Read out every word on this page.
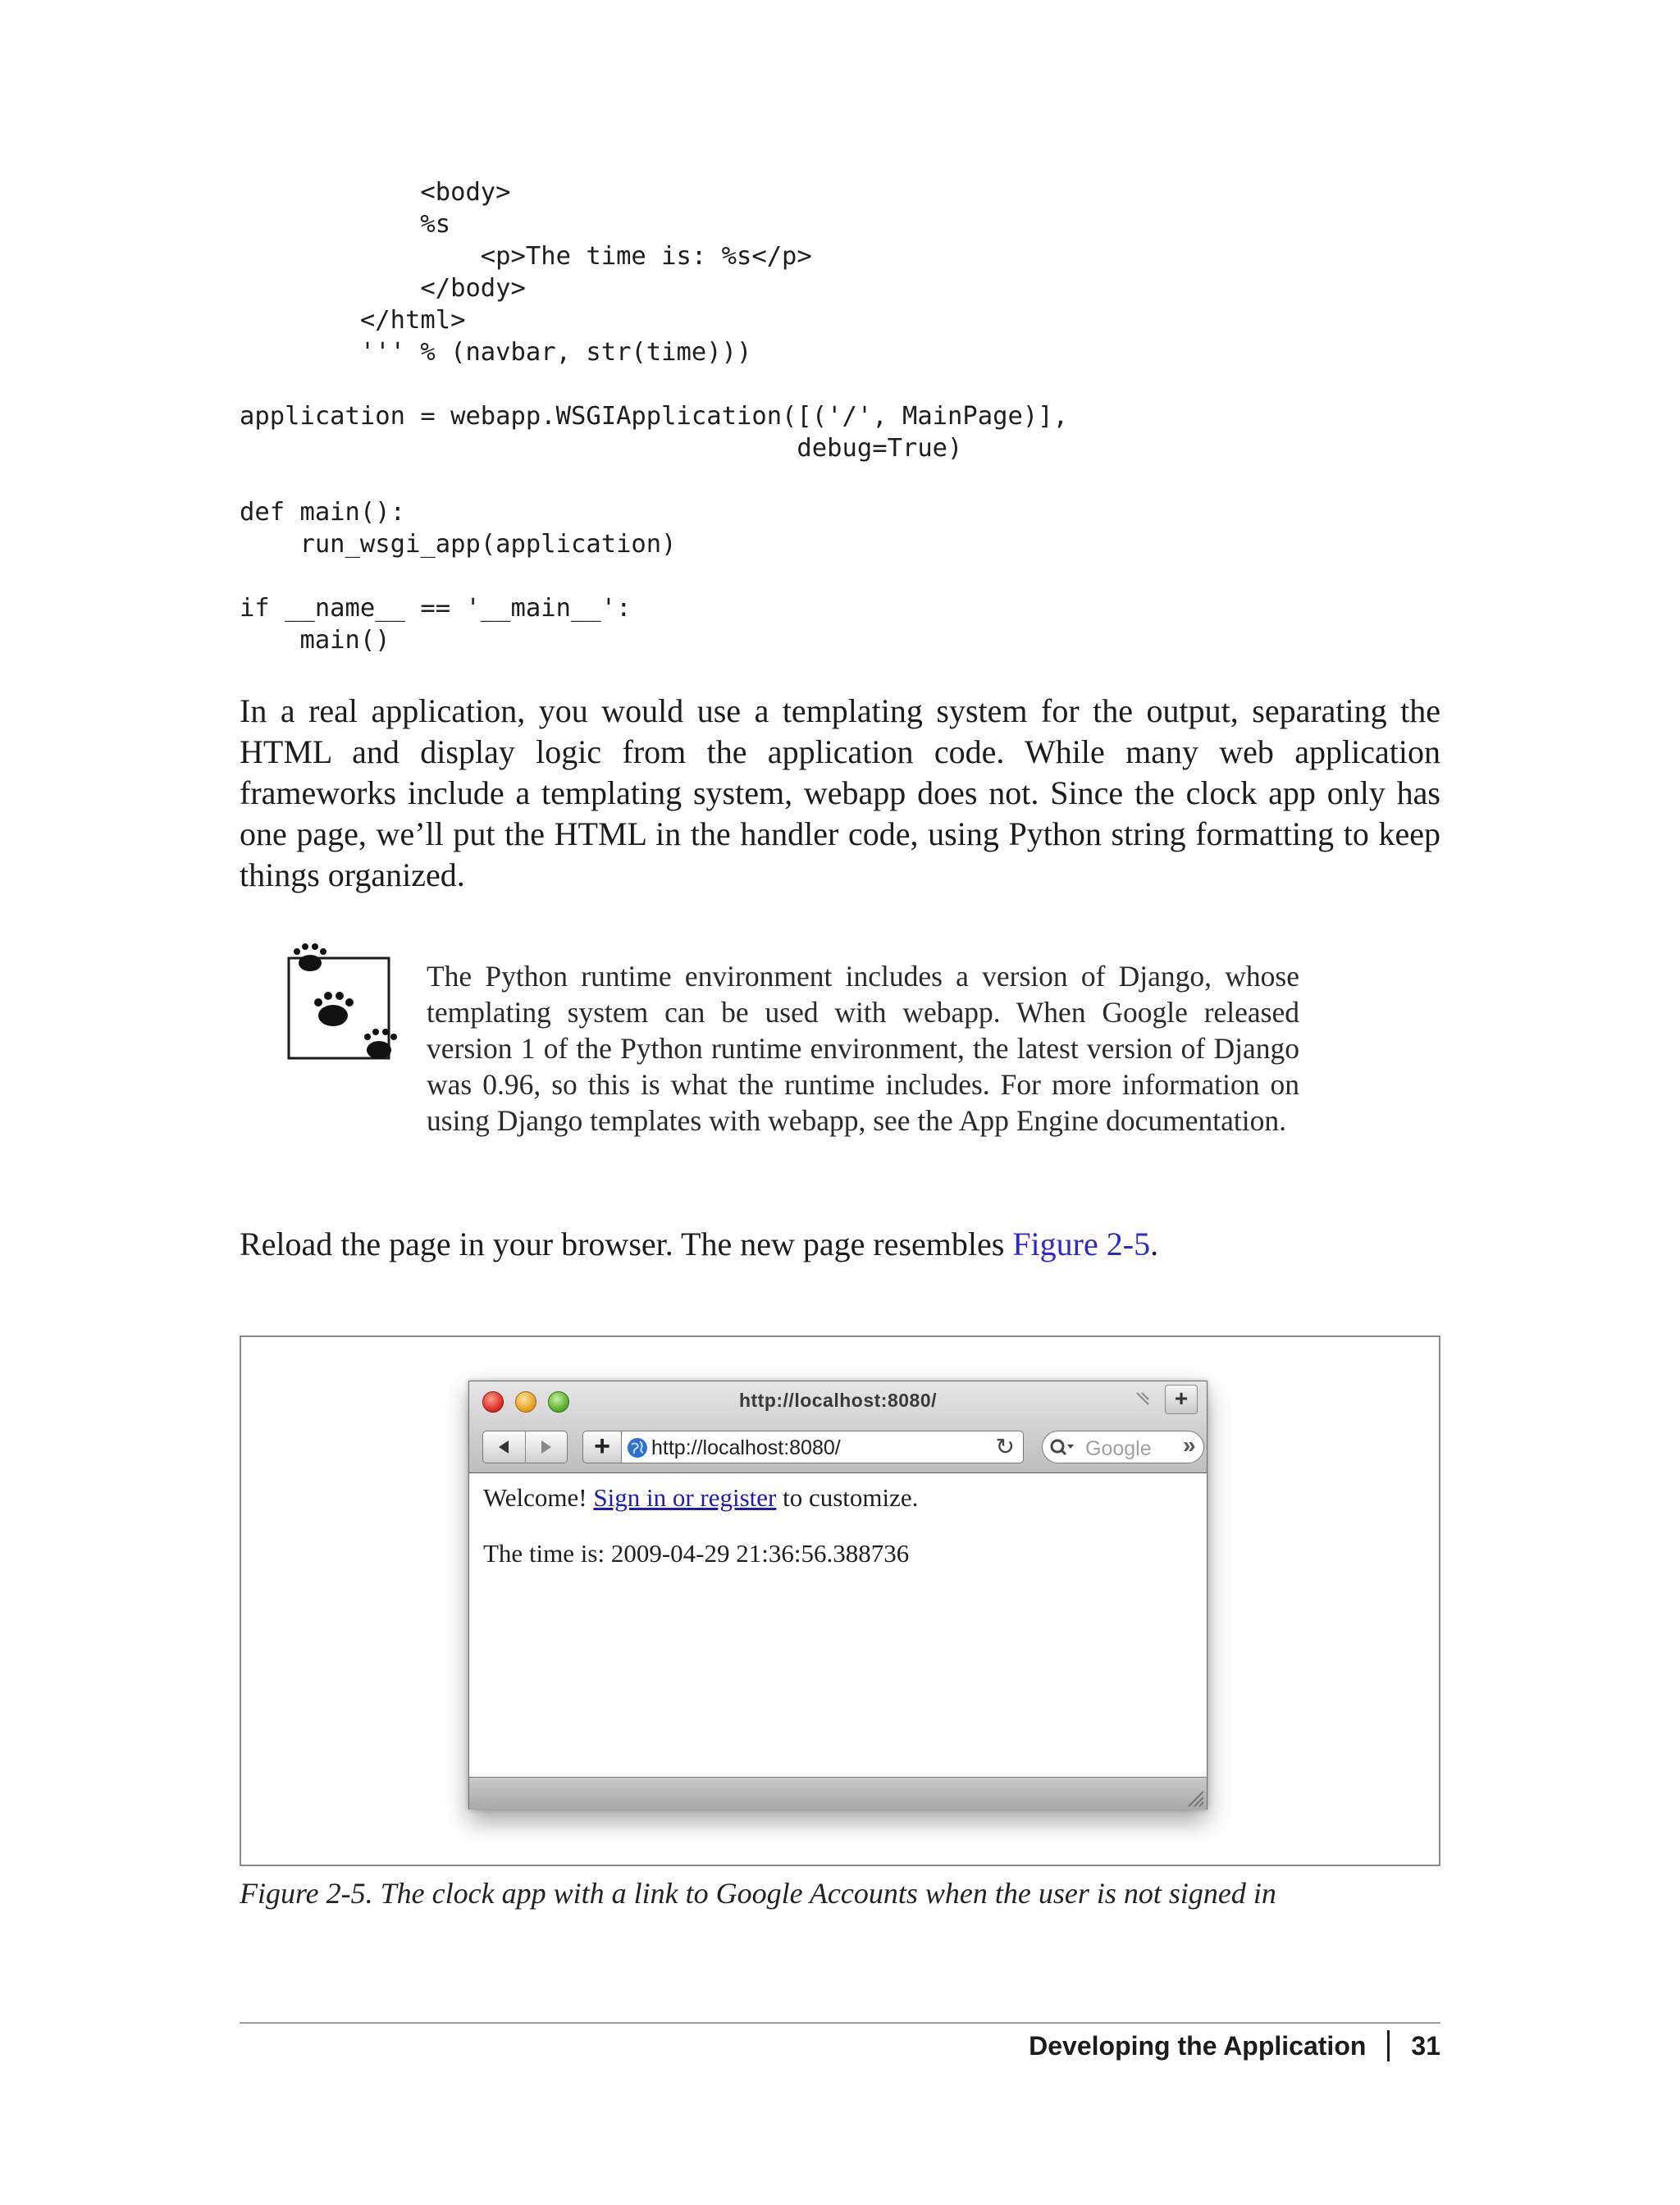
<body>
%s
<p>The time is: %s</p>
</body>
</html>
''' % (navbar, str(time)))
application = webapp.WSGIApplication([('/', MainPage)],
debug=True)
def main():
run_wsgi_app(application)
if __name__ == '__main__':
main()

In a real application, you would use a templating system for the output, separating the HTML and display logic from the application code. While many web application frameworks include a templating system, webapp does not. Since the clock app only has one page, we’ll put the HTML in the handler code, using Python string formatting to keep things organized.

The Python runtime environment includes a version of Django, whose templating system can be used with webapp. When Google released version 1 of the Python runtime environment, the latest version of Django was 0.96, so this is what the runtime includes. For more information on using Django templates with webapp, see the App Engine documentation.

Reload the page in your browser. The new page resembles Figure 2-5.

http://localhost:8080/	+
+	http://localhost:8080/	↻	Google »
Welcome! Sign in or register to customize.
The time is: 2009-04-29 21:36:56.388736
Figure 2-5. The clock app with a link to Google Accounts when the user is not signed in
Developing the Application 31
